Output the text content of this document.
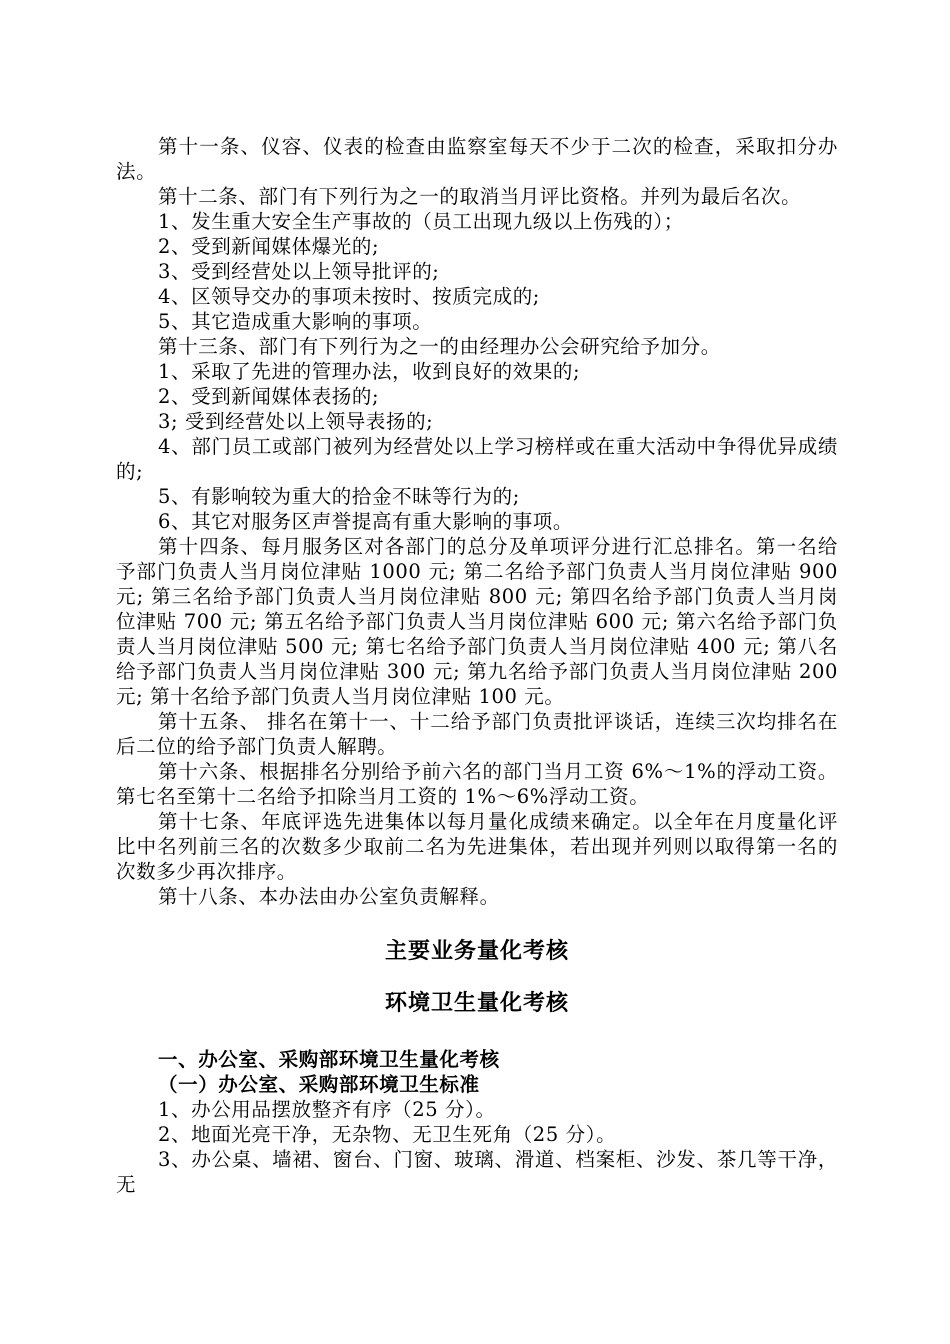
第十一条、仪容、仪表的检查由监察室每天不少于二次的检查，采取扣分办法。

第十二条、部门有下列行为之一的取消当月评比资格。并列为最后名次。

1、发生重大安全生产事故的（员工出现九级以上伤残的）；

2、受到新闻媒体爆光的;

3、受到经营处以上领导批评的;

4、区领导交办的事项未按时、按质完成的;

5、其它造成重大影响的事项。

第十三条、部门有下列行为之一的由经理办公会研究给予加分。

1、采取了先进的管理办法，收到良好的效果的;

2、受到新闻媒体表扬的;

3; 受到经营处以上领导表扬的;

4、部门员工或部门被列为经营处以上学习榜样或在重大活动中争得优异成绩的;

5、有影响较为重大的拾金不昧等行为的;

6、其它对服务区声誉提高有重大影响的事项。

第十四条、每月服务区对各部门的总分及单项评分进行汇总排名。第一名给予部门负责人当月岗位津贴 1000 元; 第二名给予部门负责人当月岗位津贴 900 元; 第三名给予部门负责人当月岗位津贴 800 元; 第四名给予部门负责人当月岗位津贴 700 元; 第五名给予部门负责人当月岗位津贴 600 元; 第六名给予部门负责人当月岗位津贴 500 元; 第七名给予部门负责人当月岗位津贴 400 元; 第八名给予部门负责人当月岗位津贴 300 元; 第九名给予部门负责人当月岗位津贴 200 元; 第十名给予部门负责人当月岗位津贴 100 元。

第十五条、 排名在第十一、十二给予部门负责批评谈话，连续三次均排名在后二位的给予部门负责人解聘。

第十六条、根据排名分别给予前六名的部门当月工资 6%～1%的浮动工资。第七名至第十二名给予扣除当月工资的 1%～6%浮动工资。

第十七条、年底评选先进集体以每月量化成绩来确定。以全年在月度量化评比中名列前三名的次数多少取前二名为先进集体，若出现并列则以取得第一名的次数多少再次排序。

第十八条、本办法由办公室负责解释。

主要业务量化考核
环境卫生量化考核

一、办公室、采购部环境卫生量化考核

（一）办公室、采购部环境卫生标准

1、办公用品摆放整齐有序（25 分）。

2、地面光亮干净，无杂物、无卫生死角（25 分）。

3、办公桌、墙裙、窗台、门窗、玻璃、滑道、档案柜、沙发、茶几等干净，无
